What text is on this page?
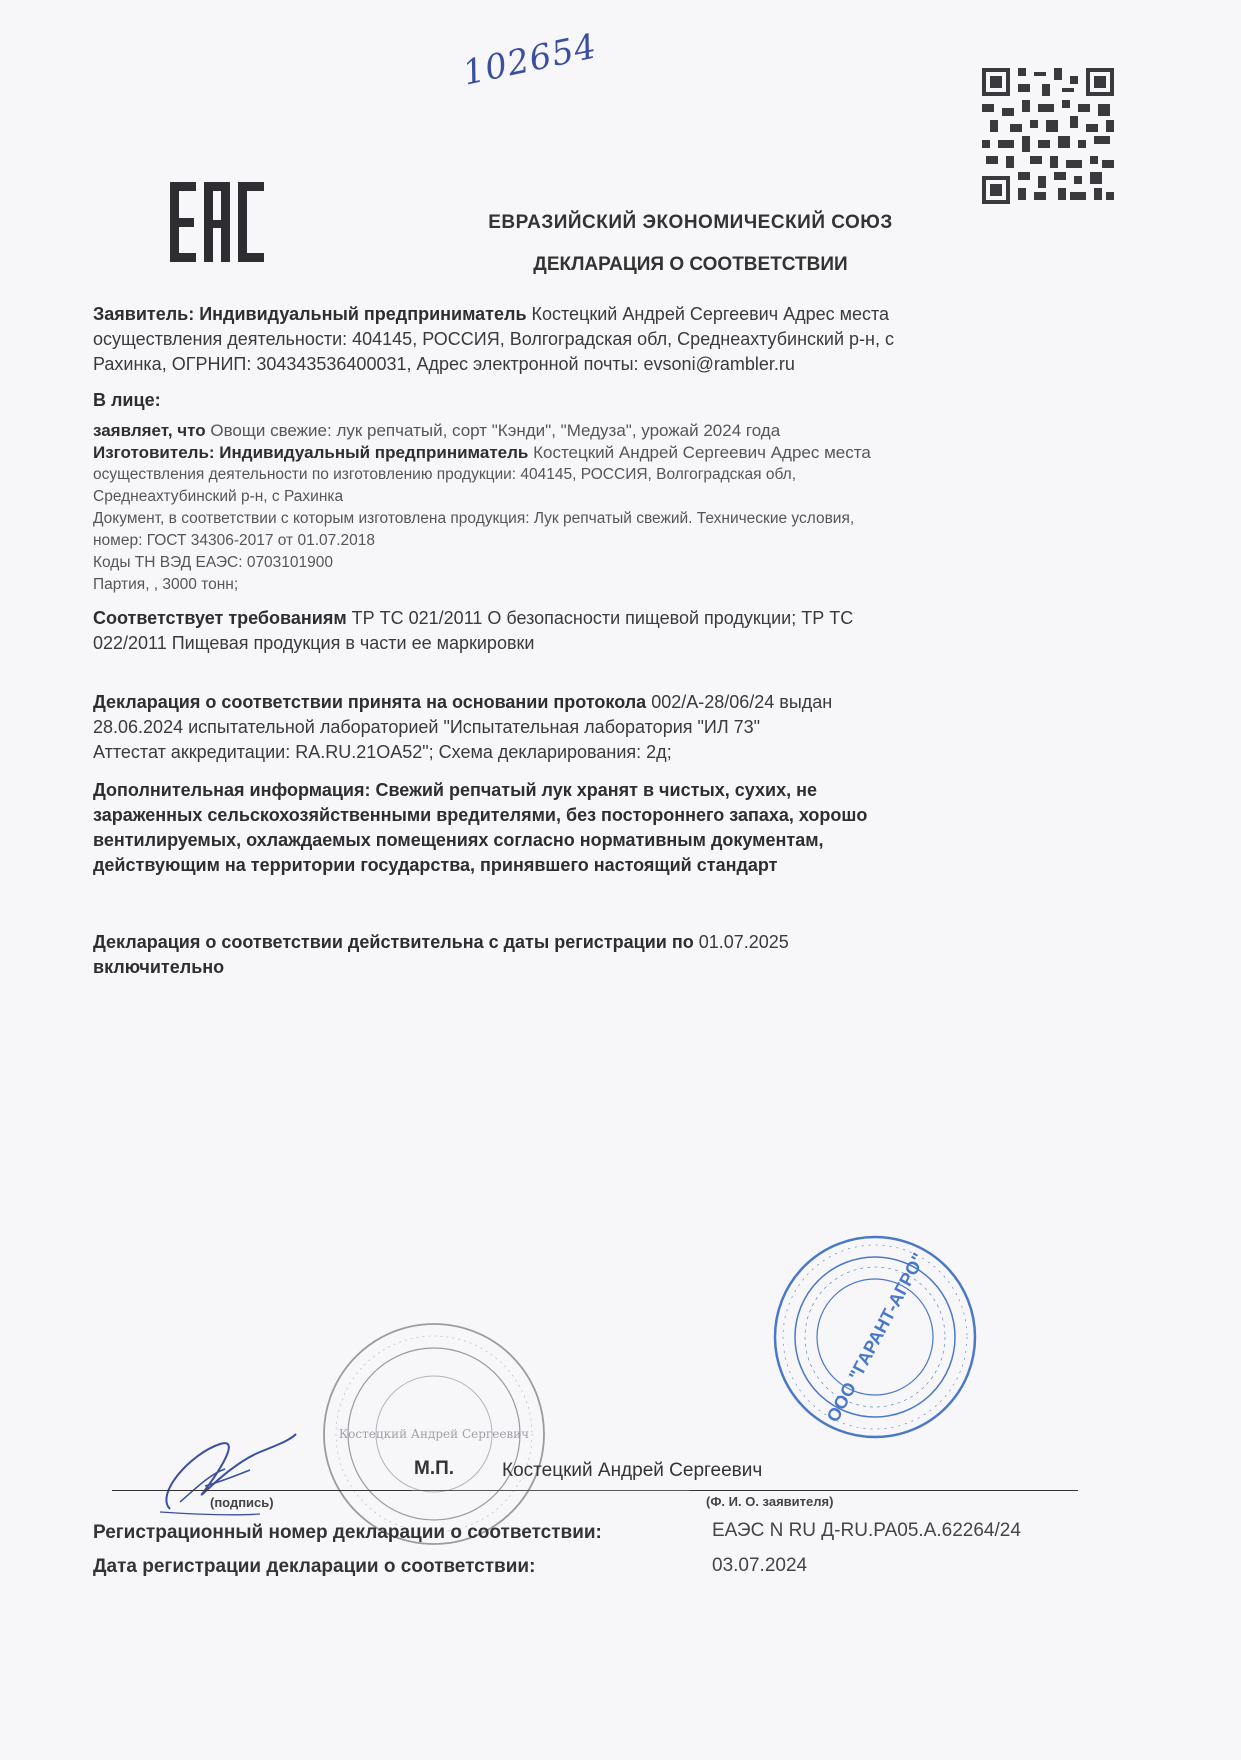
102654
ЕВРАЗИЙСКИЙ ЭКОНОМИЧЕСКИЙ СОЮЗ
ДЕКЛАРАЦИЯ О СООТВЕТСТВИИ
Заявитель: Индивидуальный предприниматель Костецкий Андрей Сергеевич Адрес места
осуществления деятельности: 404145, РОССИЯ, Волгоградская обл, Среднеахтубинский р-н, с
Рахинка, ОГРНИП: 304343536400031, Адрес электронной почты: evsoni@rambler.ru
В лице:
заявляет, что Овощи свежие: лук репчатый, сорт "Кэнди", "Медуза", урожай 2024 года
Изготовитель: Индивидуальный предприниматель Костецкий Андрей Сергеевич Адрес места
осуществления деятельности по изготовлению продукции: 404145, РОССИЯ, Волгоградская обл,
Среднеахтубинский р-н, с Рахинка
Документ, в соответствии с которым изготовлена продукция: Лук репчатый свежий. Технические условия,
номер: ГОСТ 34306-2017 от 01.07.2018
Коды ТН ВЭД ЕАЭС: 0703101900
Партия, , 3000 тонн;
Соответствует требованиям ТР ТС 021/2011 О безопасности пищевой продукции; ТР ТС
022/2011 Пищевая продукция в части ее маркировки
Декларация о соответствии принята на основании протокола 002/А-28/06/24 выдан
28.06.2024 испытательной лабораторией "Испытательная лаборатория "ИЛ 73"
Аттестат аккредитации: RA.RU.21OA52"; Схема декларирования: 2д;
Дополнительная информация: Свежий репчатый лук хранят в чистых, сухих, не
зараженных сельскохозяйственными вредителями, без постороннего запаха, хорошо
вентилируемых, охлаждаемых помещениях согласно нормативным документам,
действующим на территории государства, принявшего настоящий стандарт
Декларация о соответствии действительна с даты регистрации по 01.07.2025
включительно
ООО "ГАРАНТ-АГРО"
Костецкий Андрей Сергеевич
М.П.	Костецкий Андрей Сергеевич
(подпись)	(Ф. И. О. заявителя)
Регистрационный номер декларации о соответствии:	ЕАЭС N RU Д-RU.РА05.А.62264/24
Дата регистрации декларации о соответствии:	03.07.2024
